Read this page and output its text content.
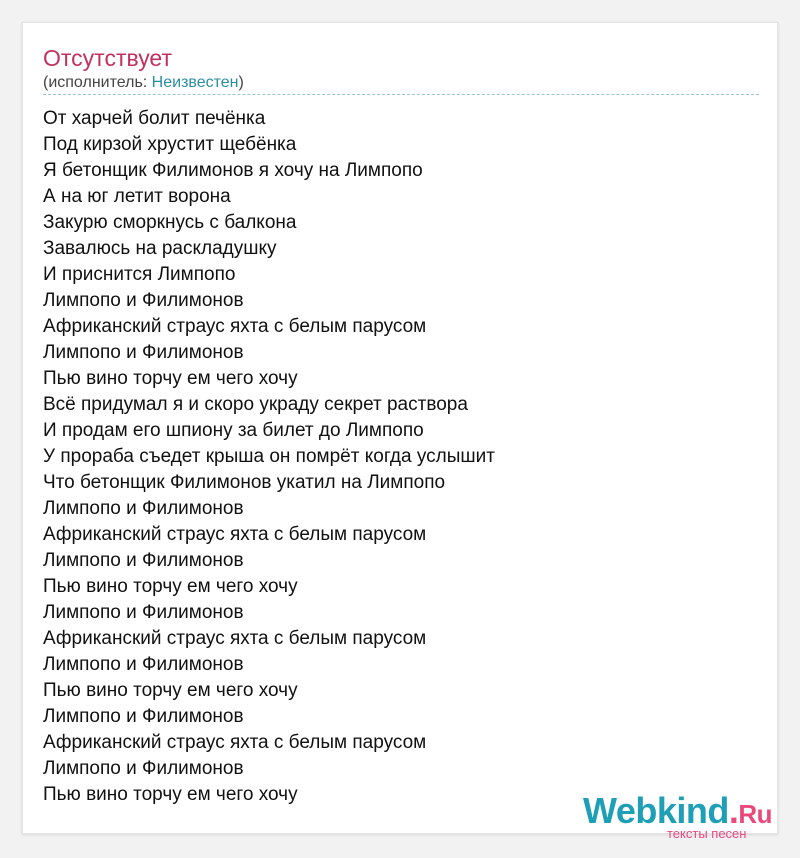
Отсутствует
(исполнитель: Неизвестен)
От харчей болит печёнка
Под кирзой хрустит щебёнка
Я бетонщик Филимонов я хочу на Лимпопо
А на юг летит ворона
Закурю сморкнусь с балкона
Завалюсь на раскладушку
И приснится Лимпопо
Лимпопо и Филимонов
Африканский страус яхта с белым парусом
Лимпопо и Филимонов
Пью вино торчу ем чего хочу
Всё придумал я и скоро украду секрет раствора
И продам его шпиону за билет до Лимпопо
У прораба съедет крыша он помрёт когда услышит
Что бетонщик Филимонов укатил на Лимпопо
Лимпопо и Филимонов
Африканский страус яхта с белым парусом
Лимпопо и Филимонов
Пью вино торчу ем чего хочу
Лимпопо и Филимонов
Африканский страус яхта с белым парусом
Лимпопо и Филимонов
Пью вино торчу ем чего хочу
Лимпопо и Филимонов
Африканский страус яхта с белым парусом
Лимпопо и Филимонов
Пью вино торчу ем чего хочу	Webkind.Ru
тексты песен
